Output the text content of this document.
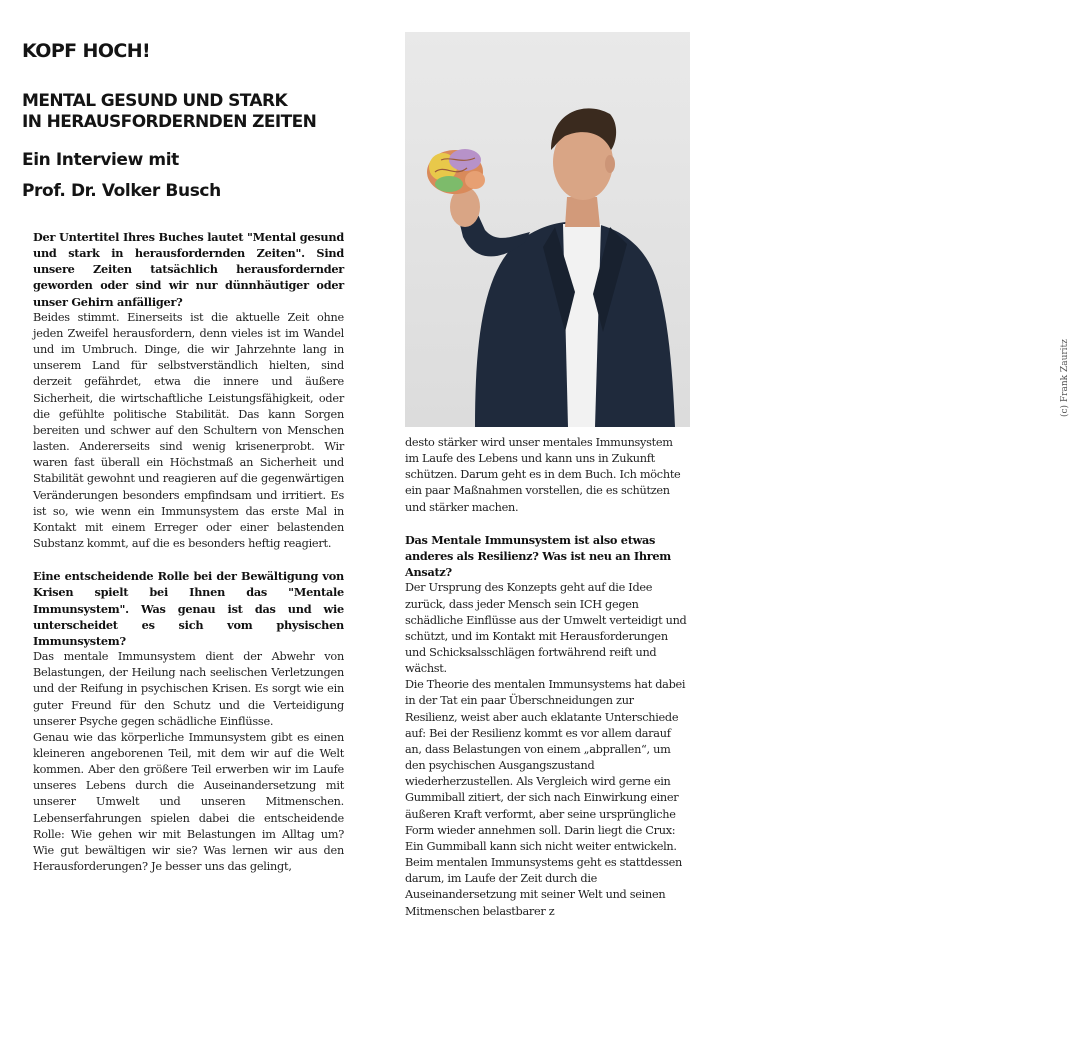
KOPF HOCH!
MENTAL GESUND UND STARK
IN HERAUSFORDERNDEN ZEITEN
Ein Interview mit
Prof. Dr. Volker Busch

Der Untertitel Ihres Buches lautet "Mental gesund und stark in herausfordernden Zeiten". Sind unsere Zeiten tatsächlich herausfordernder geworden oder sind wir nur dünnhäutiger oder unser Gehirn anfälliger?

Beides stimmt. Einerseits ist die aktuelle Zeit ohne jeden Zweifel herausfordern, denn vieles ist im Wandel und im Umbruch. Dinge, die wir Jahrzehnte lang in unserem Land für selbstverständlich hielten, sind derzeit gefährdet, etwa die innere und äußere Sicherheit, die wirtschaftliche Leistungsfähigkeit, oder die gefühlte politische Stabilität. Das kann Sorgen bereiten und schwer auf den Schultern von Menschen lasten. Andererseits sind wenig krisenerprobt. Wir waren fast überall ein Höchstmaß an Sicherheit und Stabilität gewohnt und reagieren auf die gegenwärtigen Veränderungen besonders empfindsam und irritiert. Es ist so, wie wenn ein Immunsystem das erste Mal in Kontakt mit einem Erreger oder einer belastenden Substanz kommt, auf die es besonders heftig reagiert.

Eine entscheidende Rolle bei der Bewältigung von Krisen spielt bei Ihnen das "Mentale Immunsystem". Was genau ist das und wie unterscheidet es sich vom physischen Immunsystem?

Das mentale Immunsystem dient der Abwehr von Belastungen, der Heilung nach seelischen Verletzungen und der Reifung in psychischen Krisen. Es sorgt wie ein guter Freund für den Schutz und die Verteidigung unserer Psyche gegen schädliche Einflüsse.

Genau wie das körperliche Immunsystem gibt es einen kleineren angeborenen Teil, mit dem wir auf die Welt kommen. Aber den größere Teil erwerben wir im Laufe unseres Lebens durch die Auseinandersetzung mit unserer Umwelt und unseren Mitmenschen. Lebenserfahrungen spielen dabei die entscheidende Rolle: Wie gehen wir mit Belastungen im Alltag um? Wie gut bewältigen wir sie? Was lernen wir aus den Herausforderungen? Je besser uns das gelingt,

(c) Frank Zauritz

desto stärker wird unser mentales Immunsystem im Laufe des Lebens und kann uns in Zukunft schützen. Darum geht es in dem Buch. Ich möchte ein paar Maßnahmen vorstellen, die es schützen und stärker machen.

Das Mentale Immunsystem ist also etwas anderes als Resilienz? Was ist neu an Ihrem Ansatz?

Der Ursprung des Konzepts geht auf die Idee zurück, dass jeder Mensch sein ICH gegen schädliche Einflüsse aus der Umwelt verteidigt und schützt, und im Kontakt mit Herausforderungen und Schicksalsschlägen fortwährend reift und wächst.

Die Theorie des mentalen Immunsystems hat dabei in der Tat ein paar Überschneidungen zur Resilienz, weist aber auch eklatante Unterschiede auf: Bei der Resilienz kommt es vor allem darauf an, dass Belastungen von einem „abprallen“, um den psychischen Ausgangszustand wiederherzustellen. Als Vergleich wird gerne ein Gummiball zitiert, der sich nach Einwirkung einer äußeren Kraft verformt, aber seine ursprüngliche Form wieder annehmen soll. Darin liegt die Crux: Ein Gummiball kann sich nicht weiter entwickeln. Beim mentalen Immunsystems geht es stattdessen darum, im Laufe der Zeit durch die Auseinandersetzung mit seiner Welt und seinen Mitmenschen belastbarer z
